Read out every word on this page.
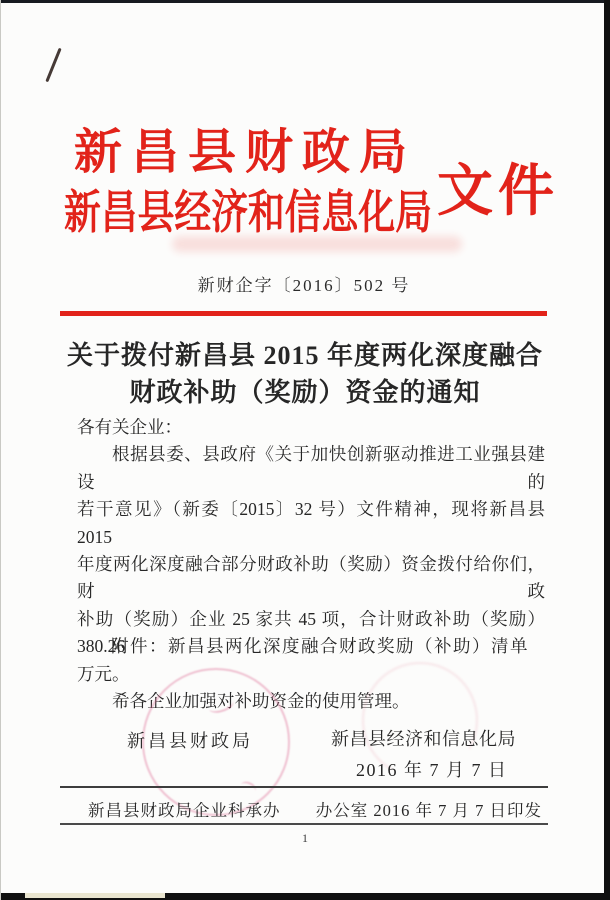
新昌县财政局
新昌县经济和信息化局 文件
新财企字〔2016〕502 号
关于拨付新昌县 2015 年度两化深度融合
财政补助（奖励）资金的通知
各有关企业：
根据县委、县政府《关于加快创新驱动推进工业强县建设的
若干意见》（新委〔2015〕32 号）文件精神，现将新昌县 2015
年度两化深度融合部分财政补助（奖励）资金拨付给你们，财政
补助（奖励）企业 25 家共 45 项，合计财政补助（奖励）380.26
万元。
希各企业加强对补助资金的使用管理。
附件：新昌县两化深度融合财政奖励（补助）清单
新昌县财政局	新昌县经济和信息化局
2016 年 7 月 7 日
新昌县财政局企业科承办 办公室 2016 年 7 月 7 日印发
1
